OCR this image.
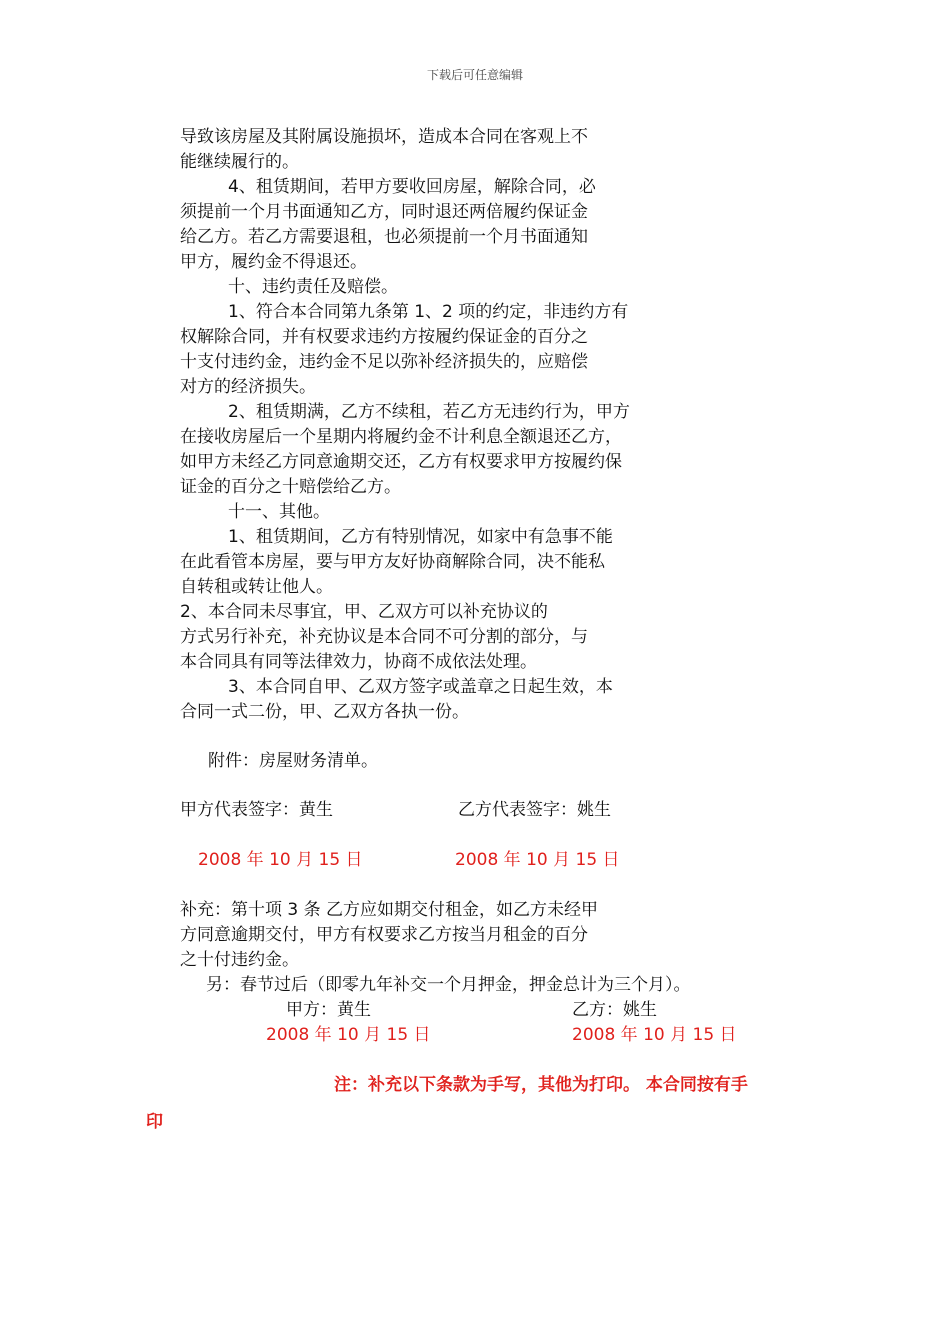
下载后可任意编辑
导致该房屋及其附属设施损坏，造成本合同在客观上不
能继续履行的。
4、租赁期间，若甲方要收回房屋，解除合同，必
须提前一个月书面通知乙方，同时退还两倍履约保证金
给乙方。若乙方需要退租，也必须提前一个月书面通知
甲方，履约金不得退还。
十、违约责任及赔偿。
1、符合本合同第九条第 1、2 项的约定，非违约方有
权解除合同，并有权要求违约方按履约保证金的百分之
十支付违约金，违约金不足以弥补经济损失的，应赔偿
对方的经济损失。
2、租赁期满，乙方不续租，若乙方无违约行为，甲方
在接收房屋后一个星期内将履约金不计利息全额退还乙方，
如甲方未经乙方同意逾期交还，乙方有权要求甲方按履约保
证金的百分之十赔偿给乙方。
十一、其他。
1、租赁期间，乙方有特别情况，如家中有急事不能
在此看管本房屋，要与甲方友好协商解除合同，决不能私
自转租或转让他人。
2、本合同未尽事宜，甲、乙双方可以补充协议的
方式另行补充，补充协议是本合同不可分割的部分，与
本合同具有同等法律效力，协商不成依法处理。
3、本合同自甲、乙双方签字或盖章之日起生效，本
合同一式二份，甲、乙双方各执一份。
附件：房屋财务清单。
甲方代表签字：黄生	乙方代表签字：姚生
2008 年 10 月 15 日	2008 年 10 月 15 日
补充：第十项 3 条 乙方应如期交付租金，如乙方未经甲
方同意逾期交付，甲方有权要求乙方按当月租金的百分
之十付违约金。
另：春节过后（即零九年补交一个月押金，押金总计为三个月）。
甲方：黄生	乙方：姚生
2008 年 10 月 15 日	2008 年 10 月 15 日
注：补充以下条款为手写，其他为打印。 本合同按有手
印
